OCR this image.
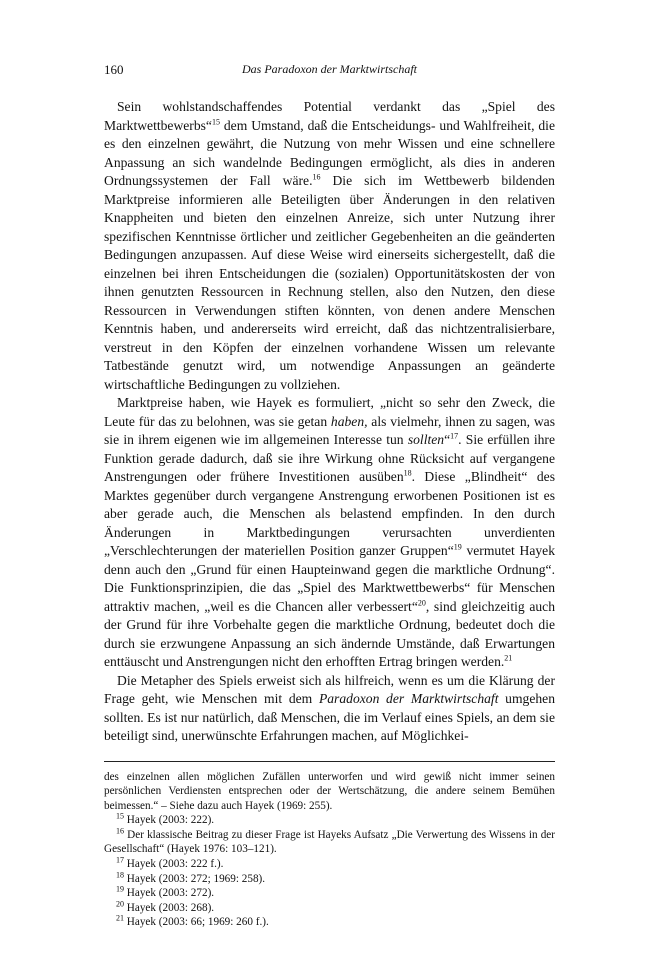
160	Das Paradoxon der Marktwirtschaft

Sein wohlstandschaffendes Potential verdankt das „Spiel des Marktwettbewerbs“$^{15}$ dem Umstand, daß die Entscheidungs- und Wahlfreiheit, die es den einzelnen gewährt, die Nutzung von mehr Wissen und eine schnellere Anpassung an sich wandelnde Bedingungen ermöglicht, als dies in anderen Ordnungssystemen der Fall wäre.$^{16}$ Die sich im Wettbewerb bildenden Marktpreise informieren alle Beteiligten über Änderungen in den relativen Knappheiten und bieten den einzelnen Anreize, sich unter Nutzung ihrer spezifischen Kenntnisse örtlicher und zeitlicher Gegebenheiten an die geänderten Bedingungen anzupassen. Auf diese Weise wird einerseits sichergestellt, daß die einzelnen bei ihren Entscheidungen die (sozialen) Opportunitätskosten der von ihnen genutzten Ressourcen in Rechnung stellen, also den Nutzen, den diese Ressourcen in Verwendungen stiften könnten, von denen andere Menschen Kenntnis haben, und andererseits wird erreicht, daß das nichtzentralisierbare, verstreut in den Köpfen der einzelnen vorhandene Wissen um relevante Tatbestände genutzt wird, um notwendige Anpassungen an geänderte wirtschaftliche Bedingungen zu vollziehen.

Marktpreise haben, wie Hayek es formuliert, „nicht so sehr den Zweck, die Leute für das zu belohnen, was sie getan haben, als vielmehr, ihnen zu sagen, was sie in ihrem eigenen wie im allgemeinen Interesse tun sollten“$^{17}$. Sie erfüllen ihre Funktion gerade dadurch, daß sie ihre Wirkung ohne Rücksicht auf vergangene Anstrengungen oder frühere Investitionen ausüben$^{18}$. Diese „Blindheit“ des Marktes gegenüber durch vergangene Anstrengung erworbenen Positionen ist es aber gerade auch, die Menschen als belastend empfinden. In den durch Änderungen in Marktbedingungen verursachten unverdienten „Verschlechterungen der materiellen Position ganzer Gruppen“$^{19}$ vermutet Hayek denn auch den „Grund für einen Haupteinwand gegen die marktliche Ordnung“. Die Funktionsprinzipien, die das „Spiel des Marktwettbewerbs“ für Menschen attraktiv machen, „weil es die Chancen aller verbessert“$^{20}$, sind gleichzeitig auch der Grund für ihre Vorbehalte gegen die marktliche Ordnung, bedeutet doch die durch sie erzwungene Anpassung an sich ändernde Umstände, daß Erwartungen enttäuscht und Anstrengungen nicht den erhofften Ertrag bringen werden.$^{21}$

Die Metapher des Spiels erweist sich als hilfreich, wenn es um die Klärung der Frage geht, wie Menschen mit dem Paradoxon der Marktwirtschaft umgehen sollten. Es ist nur natürlich, daß Menschen, die im Verlauf eines Spiels, an dem sie beteiligt sind, unerwünschte Erfahrungen machen, auf Möglichkei-

des einzelnen allen möglichen Zufällen unterworfen und wird gewiß nicht immer seinen persönlichen Verdiensten entsprechen oder der Wertschätzung, die andere seinem Bemühen beimessen.“ – Siehe dazu auch Hayek (1969: 255).

$^{15}$ Hayek (2003: 222).

$^{16}$ Der klassische Beitrag zu dieser Frage ist Hayeks Aufsatz „Die Verwertung des Wissens in der Gesellschaft“ (Hayek 1976: 103–121).

$^{17}$ Hayek (2003: 222 f.).

$^{18}$ Hayek (2003: 272; 1969: 258).

$^{19}$ Hayek (2003: 272).

$^{20}$ Hayek (2003: 268).

$^{21}$ Hayek (2003: 66; 1969: 260 f.).
